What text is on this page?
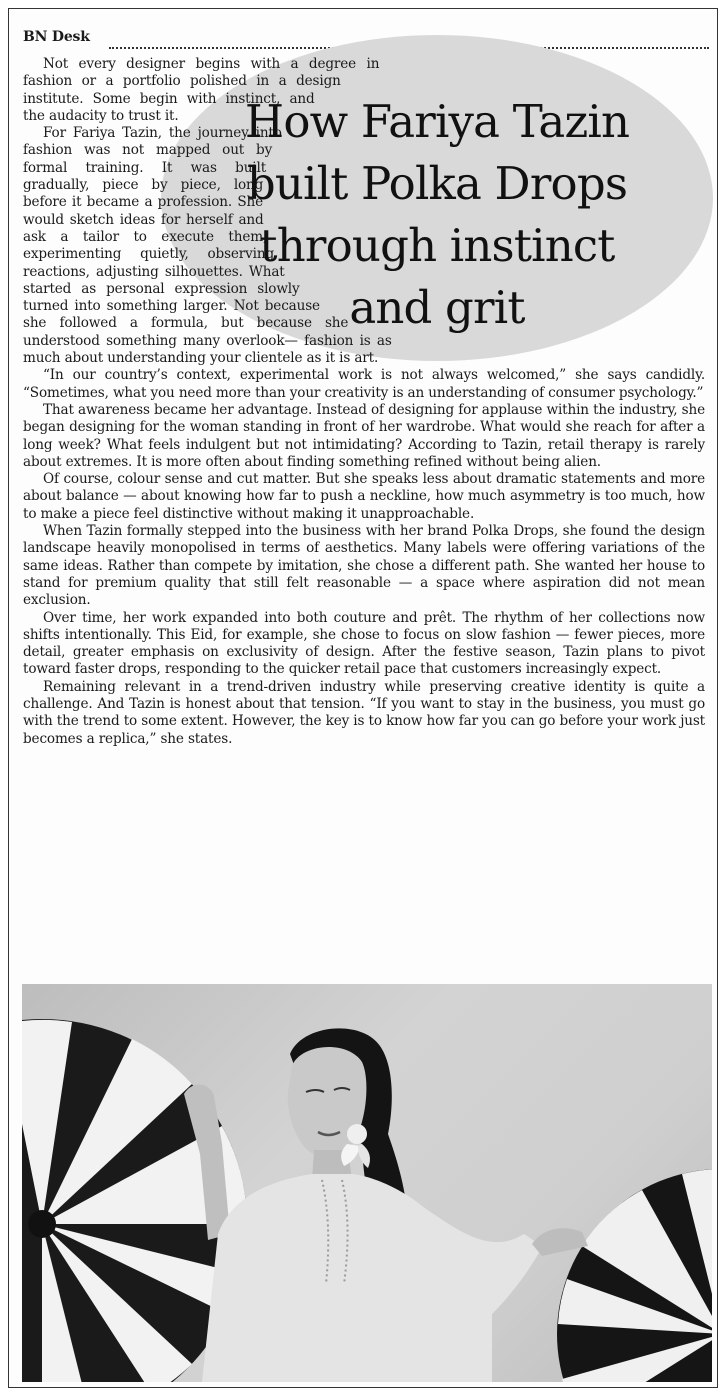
BN Desk

Not every designer begins with a degree in fashion or a portfolio polished in a design institute. Some begin with instinct, and the audacity to trust it.

For Fariya Tazin, the journey into fashion was not mapped out by formal training. It was built gradually, piece by piece, long before it became a profession. She would sketch ideas for herself and ask a tailor to execute them, experimenting quietly, observing reactions, adjusting silhouettes. What started as personal expression slowly turned into something larger. Not because she followed a formula, but because she understood something many overlook— fashion is as much about understanding your clientele as it is art.

“In our country’s context, experimental work is not always welcomed,” she says candidly. “Sometimes, what you need more than your creativity is an understanding of consumer psychology.”

That awareness became her advantage. Instead of designing for applause within the industry, she began designing for the woman standing in front of her wardrobe. What would she reach for after a long week? What feels indulgent but not intimidating? According to Tazin, retail therapy is rarely about extremes. It is more often about finding something refined without being alien.

Of course, colour sense and cut matter. But she speaks less about dramatic statements and more about balance — about knowing how far to push a neckline, how much asymmetry is too much, how to make a piece feel distinctive without making it unapproachable.

When Tazin formally stepped into the business with her brand Polka Drops, she found the design landscape heavily monopolised in terms of aesthetics. Many labels were offering variations of the same ideas. Rather than compete by imitation, she chose a different path. She wanted her house to stand for premium quality that still felt reasonable — a space where aspiration did not mean exclusion.

Over time, her work expanded into both couture and prêt. The rhythm of her collections now shifts intentionally. This Eid, for example, she chose to focus on slow fashion — fewer pieces, more detail, greater emphasis on exclusivity of design. After the festive season, Tazin plans to pivot toward faster drops, responding to the quicker retail pace that customers increasingly expect.

Remaining relevant in a trend-driven industry while preserving creative identity is quite a challenge. And Tazin is honest about that tension. “If you want to stay in the business, you must go with the trend to some extent. However, the key is to know how far you can go before your work just becomes a replica,” she states.

How Fariya Tazin
built Polka Drops
through instinct
and grit
